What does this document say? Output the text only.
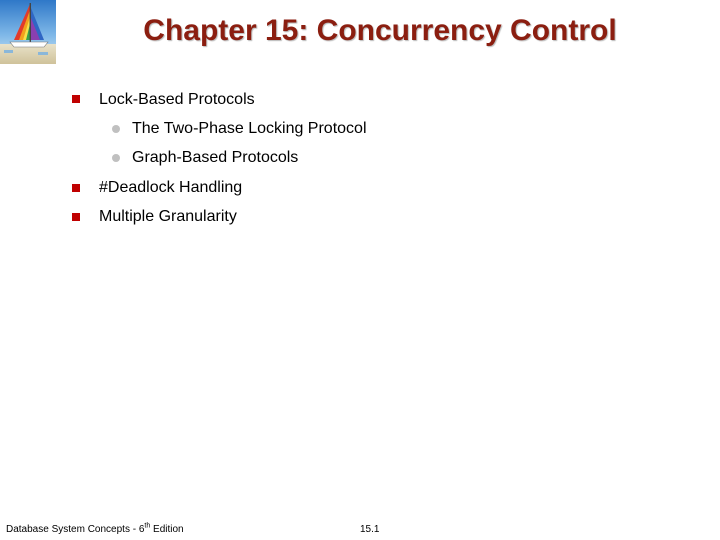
Chapter 15: Concurrency Control
Lock-Based Protocols
The Two-Phase Locking Protocol
Graph-Based Protocols
#Deadlock Handling
Multiple Granularity
Database System Concepts - 6th Edition	15.1
